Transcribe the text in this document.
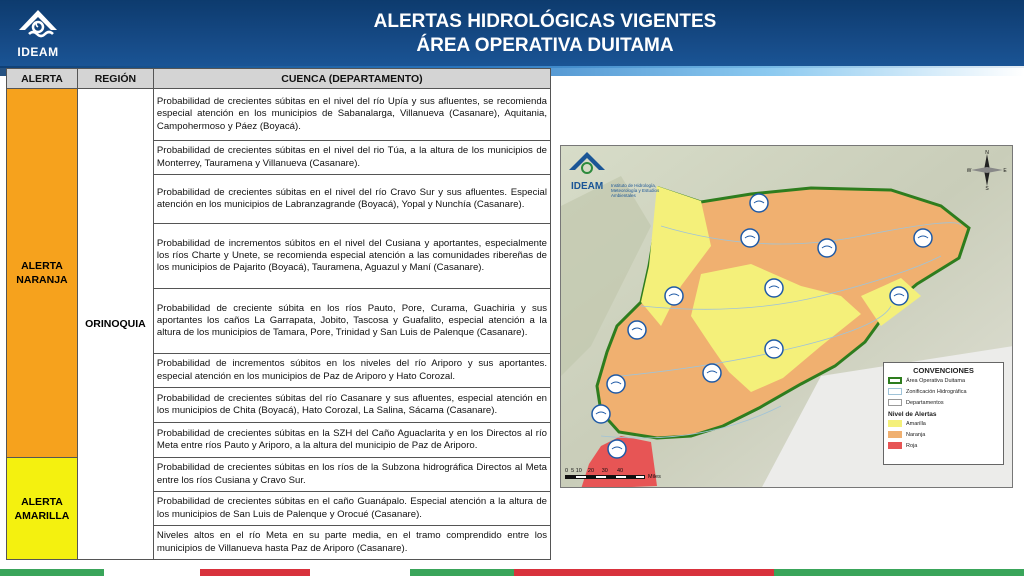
IDEAM
ALERTAS HIDROLÓGICAS VIGENTES
ÁREA OPERATIVA DUITAMA
ALERTA	REGIÓN	CUENCA (DEPARTAMENTO)
ALERTA NARANJA	ORINOQUIA	Probabilidad de crecientes súbitas en el nivel del río Upía y sus afluentes, se recomienda especial atención en los municipios de Sabanalarga, Villanueva (Casanare), Aquitania, Campohermoso y Páez (Boyacá).
		Probabilidad de crecientes súbitas en el nivel del rio Túa, a la altura de los municipios de Monterrey, Tauramena y Villanueva (Casanare).
		Probabilidad de crecientes súbitas en el nivel del río Cravo Sur y sus afluentes. Especial atención en los municipios de Labranzagrande (Boyacá), Yopal y Nunchía (Casanare).
		Probabilidad de incrementos súbitos en el nivel del Cusiana y aportantes, especialmente los ríos Charte y Unete, se recomienda especial atención a las comunidades ribereñas de los municipios de Pajarito (Boyacá), Tauramena, Aguazul y Maní (Casanare).
		Probabilidad de creciente súbita en los ríos Pauto, Pore, Curama, Guachiria y sus aportantes los caños La Garrapata, Jobito, Tascosa y Guafalito, especial atención a la altura de los municipios de Tamara, Pore, Trinidad y San Luis de Palenque (Casanare).
		Probabilidad de incrementos súbitos en los niveles del río Ariporo y sus aportantes. especial atención en los municipios de Paz de Ariporo y Hato Corozal.
		Probabilidad de crecientes súbitas del río Casanare y sus afluentes, especial atención en los municipios de Chita (Boyacá), Hato Corozal, La Salina, Sácama (Casanare).
		Probabilidad de crecientes súbitas en la SZH del Caño Aguaclarita y en los Directos al río Meta entre ríos Pauto y Ariporo, a la altura del municipio de Paz de Ariporo.
ALERTA AMARILLA		Probabilidad de crecientes súbitas en los ríos de la Subzona hidrográfica Directos al Meta entre los ríos Cusiana y Cravo Sur.
		Probabilidad de crecientes súbitas en el caño Guanápalo. Especial atención a la altura de los municipios de San Luis de Palenque y Orocué (Casanare).
		Niveles altos en el río Meta en su parte media, en el tramo comprendido entre los municipios de Villanueva hasta Paz de Ariporo (Casanare).
IDEAM Instituto de Hidrología, Meteorología y Estudios Ambientales
N
S
E
W
CONVENCIONES
Área Operativa Duitama
Zonificación Hidrográfica
Departamentos
Nivel de Alertas
Amarilla
Naranja
Roja
0  5 10    20     30      40
Miles
